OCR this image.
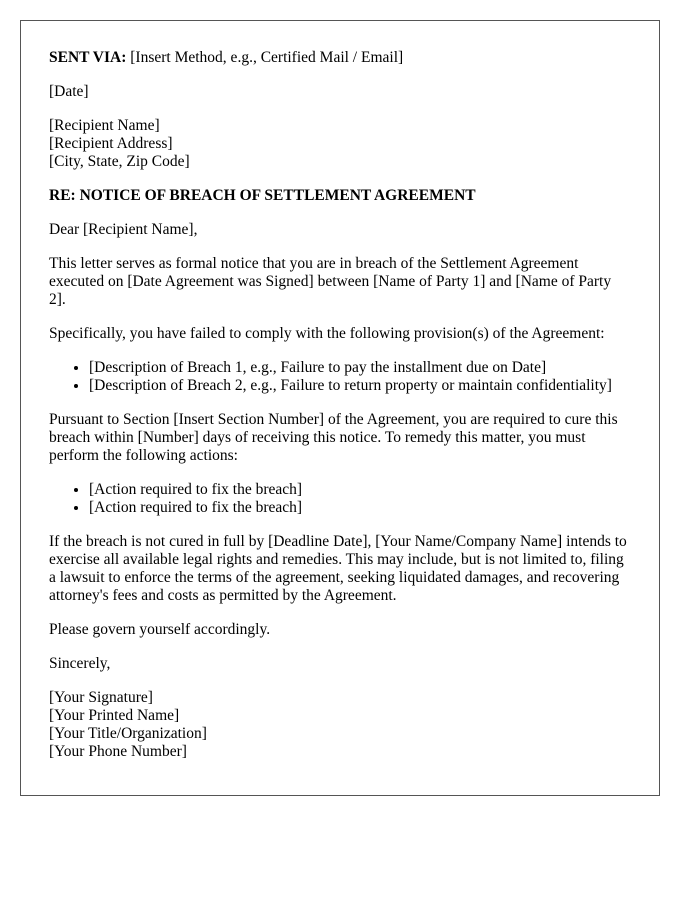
SENT VIA: [Insert Method, e.g., Certified Mail / Email]

[Date]

[Recipient Name]
[Recipient Address]
[City, State, Zip Code]

RE: NOTICE OF BREACH OF SETTLEMENT AGREEMENT

Dear [Recipient Name],

This letter serves as formal notice that you are in breach of the Settlement Agreement executed on [Date Agreement was Signed] between [Name of Party 1] and [Name of Party 2].

Specifically, you have failed to comply with the following provision(s) of the Agreement:

• [Description of Breach 1, e.g., Failure to pay the installment due on Date]
• [Description of Breach 2, e.g., Failure to return property or maintain confidentiality]

Pursuant to Section [Insert Section Number] of the Agreement, you are required to cure this breach within [Number] days of receiving this notice. To remedy this matter, you must perform the following actions:

• [Action required to fix the breach]
• [Action required to fix the breach]

If the breach is not cured in full by [Deadline Date], [Your Name/Company Name] intends to exercise all available legal rights and remedies. This may include, but is not limited to, filing a lawsuit to enforce the terms of the agreement, seeking liquidated damages, and recovering attorney's fees and costs as permitted by the Agreement.

Please govern yourself accordingly.

Sincerely,

[Your Signature]
[Your Printed Name]
[Your Title/Organization]
[Your Phone Number]
